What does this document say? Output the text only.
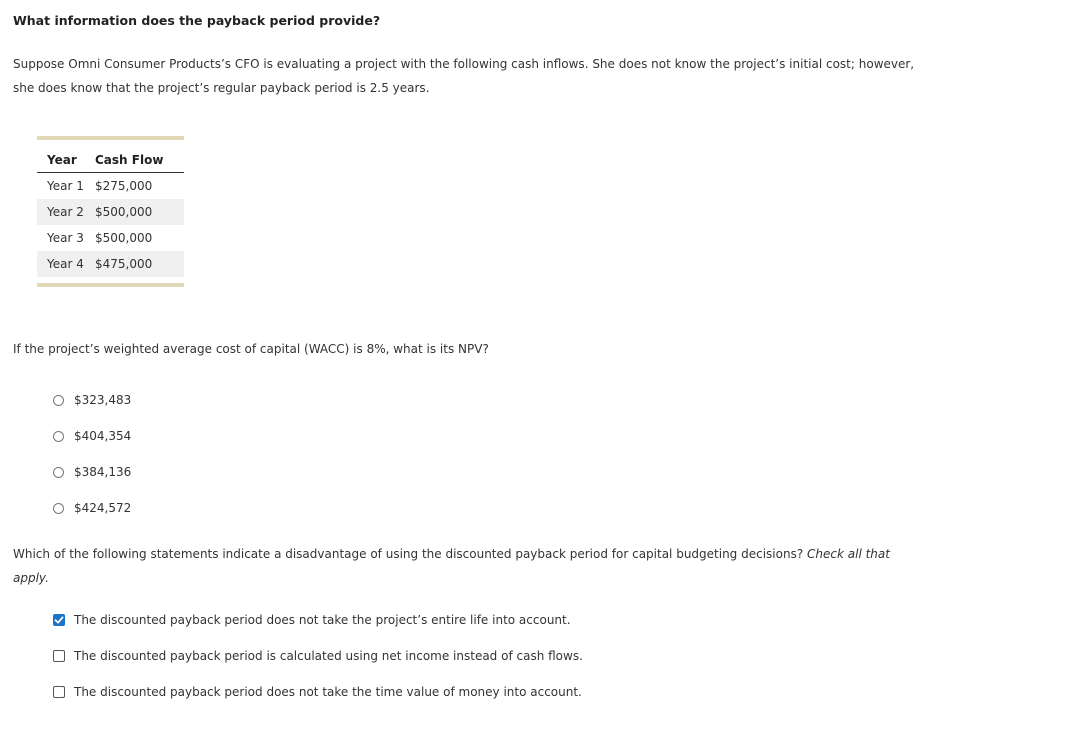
What information does the payback period provide?

Suppose Omni Consumer Products’s CFO is evaluating a project with the following cash inflows. She does not know the project’s initial cost; however,

she does know that the project’s regular payback period is 2.5 years.

Year	Cash Flow
Year 1 $275,000
Year 2 $500,000
Year 3 $500,000
Year 4 $475,000

If the project’s weighted average cost of capital (WACC) is 8%, what is its NPV?

$323,483
$404,354
$384,136
$424,572

Which of the following statements indicate a disadvantage of using the discounted payback period for capital budgeting decisions? Check all that apply.

The discounted payback period does not take the project’s entire life into account.
The discounted payback period is calculated using net income instead of cash flows.
The discounted payback period does not take the time value of money into account.
